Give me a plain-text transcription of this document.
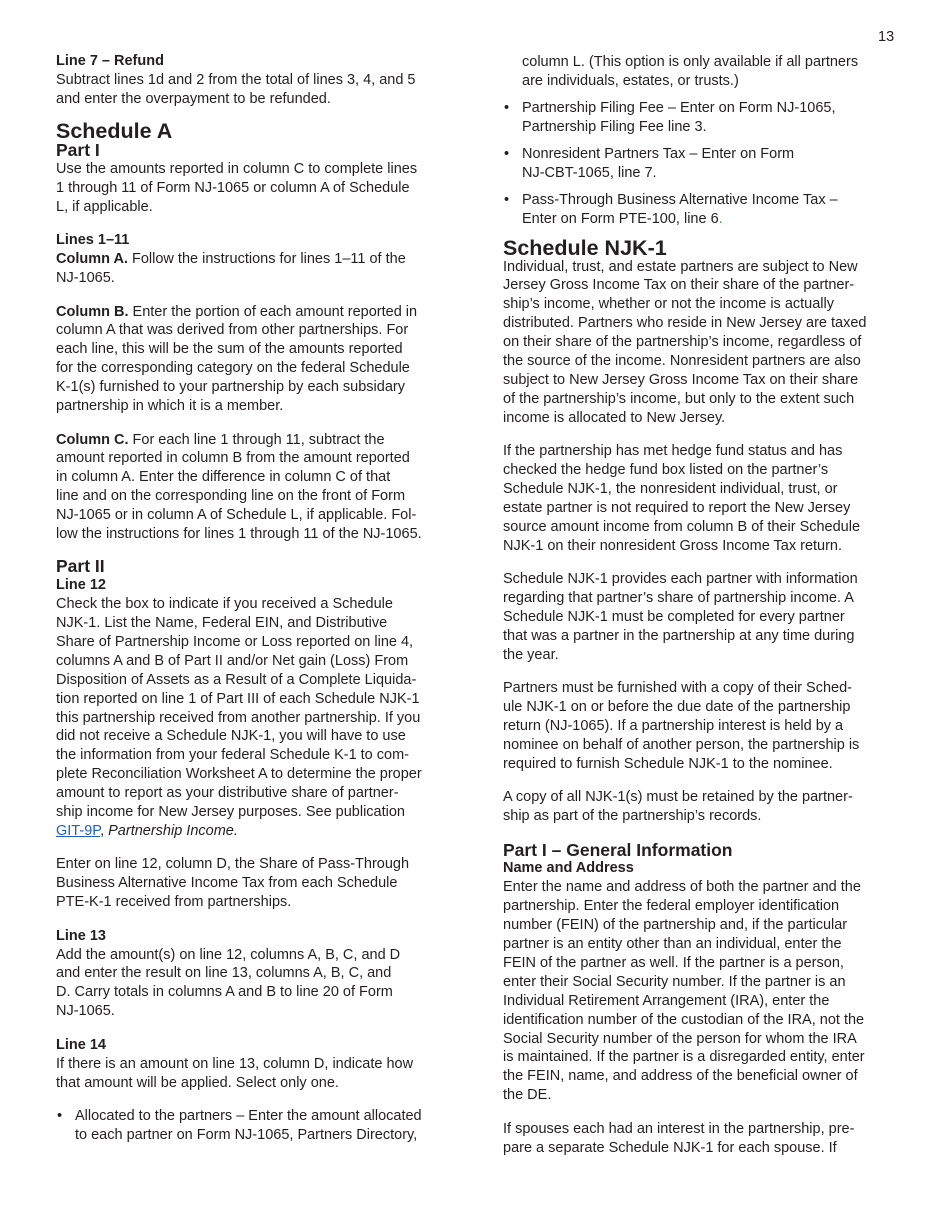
13
Line 7 – Refund
Subtract lines 1d and 2 from the total of lines 3, 4, and 5
and enter the overpayment to be refunded.
Schedule A
Part I
Use the amounts reported in column C to complete lines
1 through 11 of Form NJ-1065 or column A of Schedule
L, if applicable.
Lines 1–11
Column A. Follow the instructions for lines 1–11 of the
NJ-1065.
Column B. Enter the portion of each amount reported in
column A that was derived from other partnerships. For
each line, this will be the sum of the amounts reported
for the corresponding category on the federal Schedule
K-1(s) furnished to your partnership by each subsidary
partnership in which it is a member.
Column C. For each line 1 through 11, subtract the
amount reported in column B from the amount reported
in column A. Enter the difference in column C of that
line and on the corresponding line on the front of Form
NJ-1065 or in column A of Schedule L, if applicable. Fol-
low the instructions for lines 1 through 11 of the NJ-1065.
Part II
Line 12
Check the box to indicate if you received a Schedule
NJK-1. List the Name, Federal EIN, and Distributive
Share of Partnership Income or Loss reported on line 4,
columns A and B of Part II and/or Net gain (Loss) From
Disposition of Assets as a Result of a Complete Liquida-
tion reported on line 1 of Part III of each Schedule NJK-1
this partnership received from another partnership. If you
did not receive a Schedule NJK-1, you will have to use
the information from your federal Schedule K-1 to com-
plete Reconciliation Worksheet A to determine the proper
amount to report as your distributive share of partner-
ship income for New Jersey purposes. See publication
GIT-9P, Partnership Income.
Enter on line 12, column D, the Share of Pass-Through
Business Alternative Income Tax from each Schedule
PTE-K-1 received from partnerships.
Line 13
Add the amount(s) on line 12, columns A, B, C, and D
and enter the result on line 13, columns A, B, C, and
D. Carry totals in columns A and B to line 20 of Form
NJ-1065.
Line 14
If there is an amount on line 13, column D, indicate how
that amount will be applied. Select only one.
• Allocated to the partners – Enter the amount allocated
to each partner on Form NJ-1065, Partners Directory,
column L. (This option is only available if all partners
are individuals, estates, or trusts.)
• Partnership Filing Fee – Enter on Form NJ-1065,
Partnership Filing Fee line 3.
• Nonresident Partners Tax – Enter on Form
NJ-CBT-1065, line 7.
• Pass-Through Business Alternative Income Tax –
Enter on Form PTE-100, line 6.
Schedule NJK-1
Individual, trust, and estate partners are subject to New
Jersey Gross Income Tax on their share of the partner-
ship’s income, whether or not the income is actually
distributed. Partners who reside in New Jersey are taxed
on their share of the partnership’s income, regardless of
the source of the income. Nonresident partners are also
subject to New Jersey Gross Income Tax on their share
of the partnership’s income, but only to the extent such
income is allocated to New Jersey.
If the partnership has met hedge fund status and has
checked the hedge fund box listed on the partner’s
Schedule NJK-1, the nonresident individual, trust, or
estate partner is not required to report the New Jersey
source amount income from column B of their Schedule
NJK-1 on their nonresident Gross Income Tax return.
Schedule NJK-1 provides each partner with information
regarding that partner’s share of partnership income. A
Schedule NJK-1 must be completed for every partner
that was a partner in the partnership at any time during
the year.
Partners must be furnished with a copy of their Sched-
ule NJK-1 on or before the due date of the partnership
return (NJ-1065). If a partnership interest is held by a
nominee on behalf of another person, the partnership is
required to furnish Schedule NJK-1 to the nominee.
A copy of all NJK-1(s) must be retained by the partner-
ship as part of the partnership’s records.
Part I – General Information
Name and Address
Enter the name and address of both the partner and the
partnership. Enter the federal employer identification
number (FEIN) of the partnership and, if the particular
partner is an entity other than an individual, enter the
FEIN of the partner as well. If the partner is a person,
enter their Social Security number. If the partner is an
Individual Retirement Arrangement (IRA), enter the
identification number of the custodian of the IRA, not the
Social Security number of the person for whom the IRA
is maintained. If the partner is a disregarded entity, enter
the FEIN, name, and address of the beneficial owner of
the DE.
If spouses each had an interest in the partnership, pre-
pare a separate Schedule NJK-1 for each spouse. If
